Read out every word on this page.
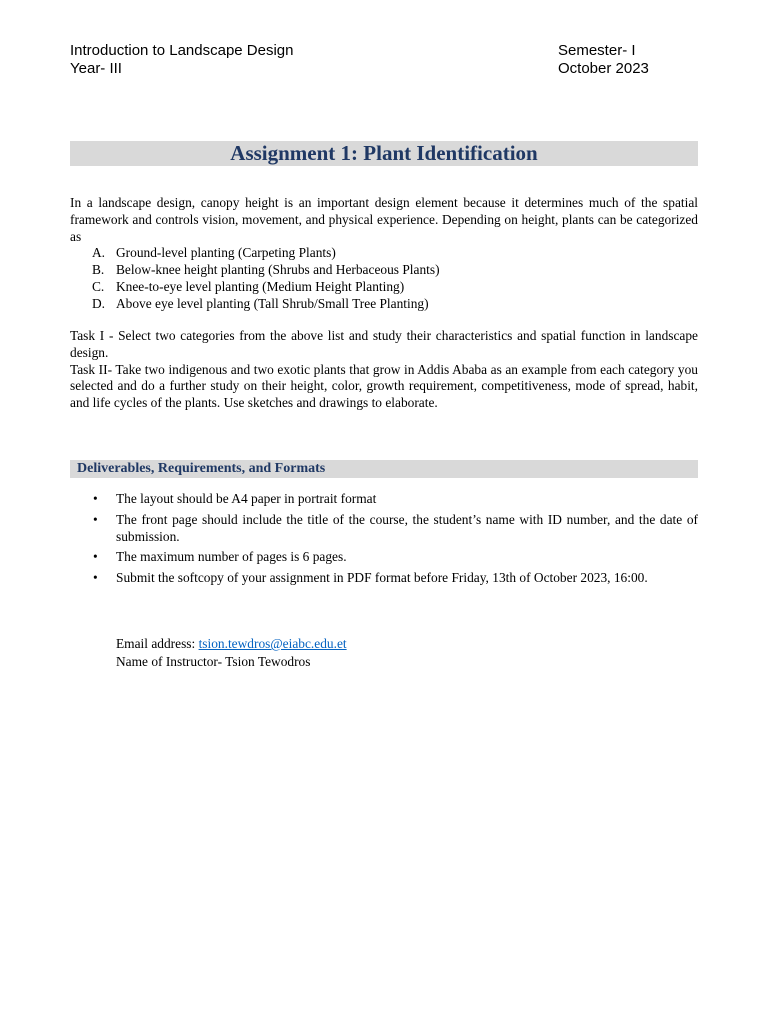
Introduction to Landscape Design
Year- III
Semester- I
October 2023
Assignment 1: Plant Identification
In a landscape design, canopy height is an important design element because it determines much of the spatial framework and controls vision, movement, and physical experience. Depending on height, plants can be categorized as
A. Ground-level planting (Carpeting Plants)
B. Below-knee height planting (Shrubs and Herbaceous Plants)
C. Knee-to-eye level planting (Medium Height Planting)
D. Above eye level planting (Tall Shrub/Small Tree Planting)

Task I - Select two categories from the above list and study their characteristics and spatial function in landscape design.

Task II- Take two indigenous and two exotic plants that grow in Addis Ababa as an example from each category you selected and do a further study on their height, color, growth requirement, competitiveness, mode of spread, habit, and life cycles of the plants. Use sketches and drawings to elaborate.

Deliverables, Requirements, and Formats
• The layout should be A4 paper in portrait format
• The front page should include the title of the course, the student’s name with ID number, and the date of submission.
• The maximum number of pages is 6 pages.
• Submit the softcopy of your assignment in PDF format before Friday, 13th of October 2023, 16:00.
Email address: tsion.tewdros@eiabc.edu.et
Name of Instructor- Tsion Tewodros
